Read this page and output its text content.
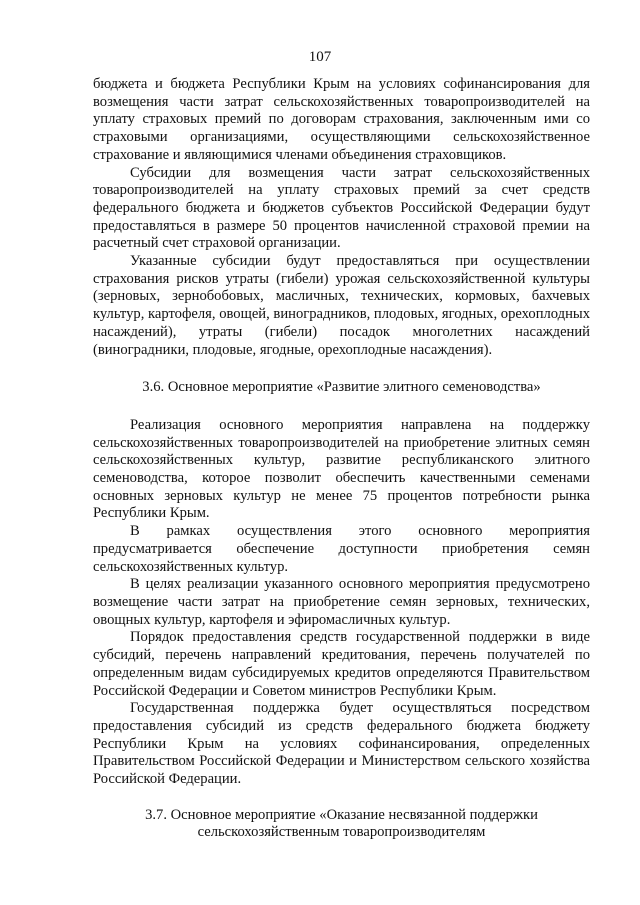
107

бюджета и бюджета Республики Крым на условиях софинансирования для возмещения части затрат сельскохозяйственных товаропроизводителей на уплату страховых премий по договорам страхования, заключенным ими со страховыми организациями, осуществляющими сельскохозяйственное страхование и являющимися членами объединения страховщиков.

Субсидии для возмещения части затрат сельскохозяйственных товаропроизводителей на уплату страховых премий за счет средств федерального бюджета и бюджетов субъектов Российской Федерации будут предоставляться в размере 50 процентов начисленной страховой премии на расчетный счет страховой организации.

Указанные субсидии будут предоставляться при осуществлении страхования рисков утраты (гибели) урожая сельскохозяйственной культуры (зерновых, зернобобовых, масличных, технических, кормовых, бахчевых культур, картофеля, овощей, виноградников, плодовых, ягодных, орехоплодных насаждений), утраты (гибели) посадок многолетних насаждений (виноградники, плодовые, ягодные, орехоплодные насаждения).

3.6. Основное мероприятие «Развитие элитного семеноводства»

Реализация основного мероприятия направлена на поддержку сельскохозяйственных товаропроизводителей на приобретение элитных семян сельскохозяйственных культур, развитие республиканского элитного семеноводства, которое позволит обеспечить качественными семенами основных зерновых культур не менее 75 процентов потребности рынка Республики Крым.

В рамках осуществления этого основного мероприятия предусматривается обеспечение доступности приобретения семян сельскохозяйственных культур.

В целях реализации указанного основного мероприятия предусмотрено возмещение части затрат на приобретение семян зерновых, технических, овощных культур, картофеля и эфиромасличных культур.

Порядок предоставления средств государственной поддержки в виде субсидий, перечень направлений кредитования, перечень получателей по определенным видам субсидируемых кредитов определяются Правительством Российской Федерации и Советом министров Республики Крым.

Государственная поддержка будет осуществляться посредством предоставления субсидий из средств федерального бюджета бюджету Республики Крым на условиях софинансирования, определенных Правительством Российской Федерации и Министерством сельского хозяйства Российской Федерации.

3.7. Основное мероприятие «Оказание несвязанной поддержки
сельскохозяйственным товаропроизводителям
